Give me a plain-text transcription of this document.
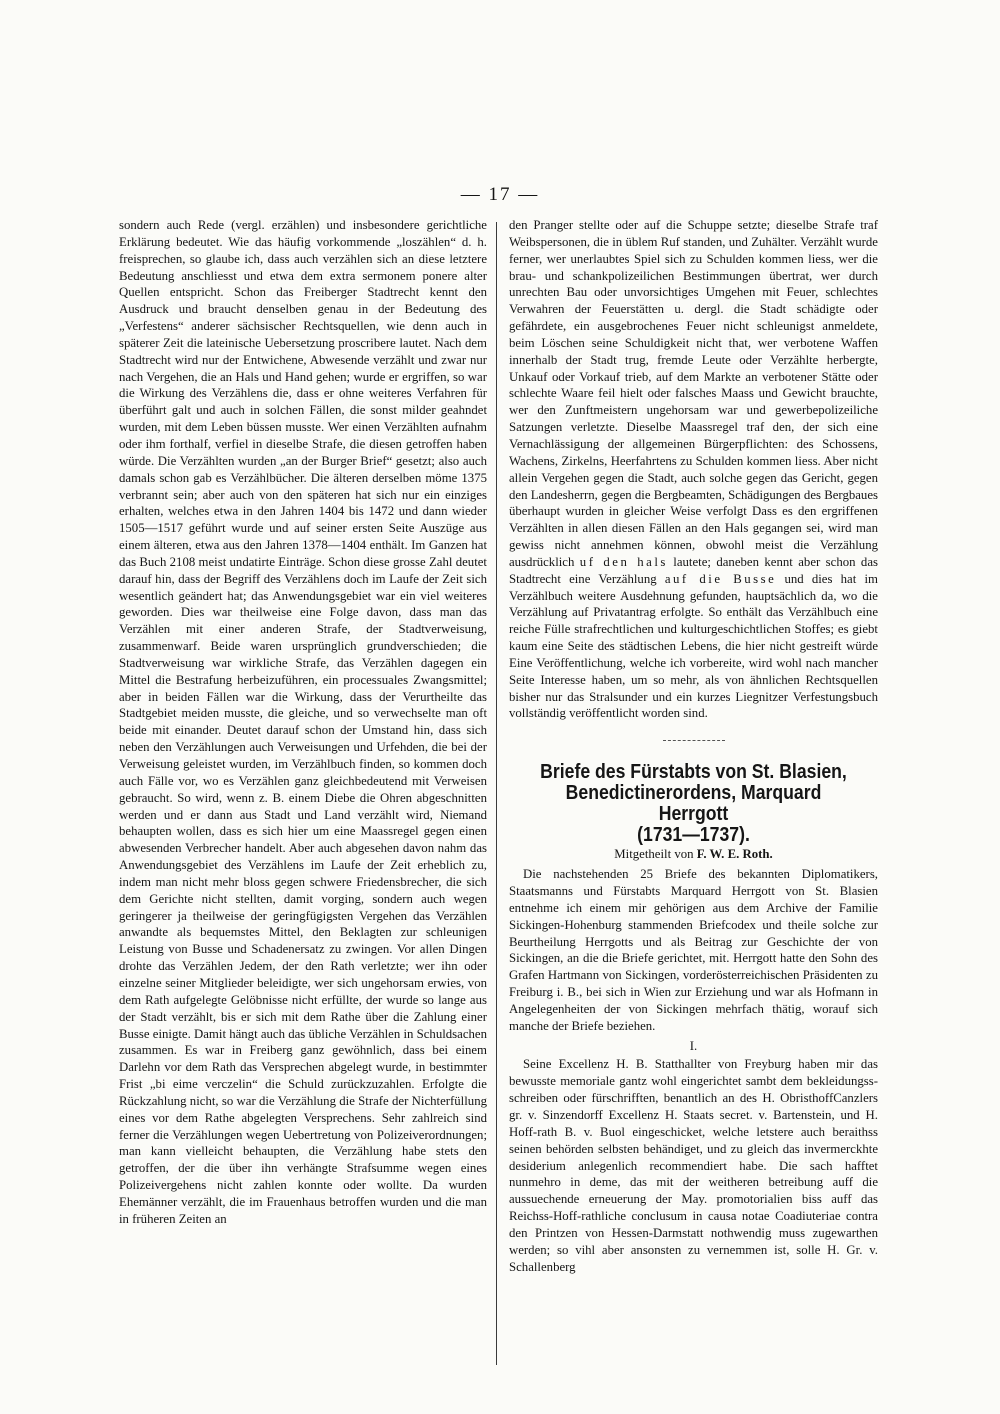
— 17 —

sondern auch Rede (vergl. erzählen) und insbesondere gerichtliche Erklärung bedeutet. Wie das häufig vorkommende „loszählen“ d. h. freisprechen, so glaube ich, dass auch verzählen sich an diese letztere Bedeutung anschliesst und etwa dem extra sermonem ponere alter Quellen entspricht. Schon das Freiberger Stadtrecht kennt den Ausdruck und braucht denselben genau in der Bedeutung des „Verfestens“ anderer sächsischer Rechtsquellen, wie denn auch in späterer Zeit die lateinische Uebersetzung proscribere lautet. Nach dem Stadtrecht wird nur der Entwichene, Abwesende verzählt und zwar nur nach Vergehen, die an Hals und Hand gehen; wurde er ergriffen, so war die Wirkung des Verzählens die, dass er ohne weiteres Verfahren für überführt galt und auch in solchen Fällen, die sonst milder geahndet wurden, mit dem Leben büssen musste. Wer einen Verzählten aufnahm oder ihm forthalf, verfiel in dieselbe Strafe, die diesen getroffen haben würde. Die Verzählten wurden „an der Burger Brief“ gesetzt; also auch damals schon gab es Verzählbücher. Die älteren derselben möme 1375 verbrannt sein; aber auch von den späteren hat sich nur ein einziges erhalten, welches etwa in den Jahren 1404 bis 1472 und dann wieder 1505—1517 geführt wurde und auf seiner ersten Seite Auszüge aus einem älteren, etwa aus den Jahren 1378—1404 enthält. Im Ganzen hat das Buch 2108 meist undatirte Einträge. Schon diese grosse Zahl deutet darauf hin, dass der Begriff des Verzählens doch im Laufe der Zeit sich wesentlich geändert hat; das Anwendungsgebiet war ein viel weiteres geworden. Dies war theilweise eine Folge davon, dass man das Verzählen mit einer anderen Strafe, der Stadtverweisung, zusammenwarf. Beide waren ursprünglich grundverschieden; die Stadtverweisung war wirkliche Strafe, das Verzählen dagegen ein Mittel die Bestrafung herbeizuführen, ein processuales Zwangsmittel; aber in beiden Fällen war die Wirkung, dass der Verurtheilte das Stadtgebiet meiden musste, die gleiche, und so verwechselte man oft beide mit einander. Deutet darauf schon der Umstand hin, dass sich neben den Verzählungen auch Verweisungen und Urfehden, die bei der Verweisung geleistet wurden, im Verzählbuch finden, so kommen doch auch Fälle vor, wo es Verzählen ganz gleichbedeutend mit Verweisen gebraucht. So wird, wenn z. B. einem Diebe die Ohren abgeschnitten werden und er dann aus Stadt und Land verzählt wird, Niemand behaupten wollen, dass es sich hier um eine Maassregel gegen einen abwesenden Verbrecher handelt. Aber auch abgesehen davon nahm das Anwendungsgebiet des Verzählens im Laufe der Zeit erheblich zu, indem man nicht mehr bloss gegen schwere Friedensbrecher, die sich dem Gerichte nicht stellten, damit vorging, sondern auch wegen geringerer ja theilweise der geringfügigsten Vergehen das Verzählen anwandte als bequemstes Mittel, den Beklagten zur schleunigen Leistung von Busse und Schadenersatz zu zwingen. Vor allen Dingen drohte das Verzählen Jedem, der den Rath verletzte; wer ihn oder einzelne seiner Mitglieder beleidigte, wer sich ungehorsam erwies, von dem Rath aufgelegte Gelöbnisse nicht erfüllte, der wurde so lange aus der Stadt verzählt, bis er sich mit dem Rathe über die Zahlung einer Busse einigte. Damit hängt auch das übliche Verzählen in Schuldsachen zusammen. Es war in Freiberg ganz gewöhnlich, dass bei einem Darlehn vor dem Rath das Versprechen abgelegt wurde, in bestimmter Frist „bi eime verczelin“ die Schuld zurückzuzahlen. Erfolgte die Rückzahlung nicht, so war die Verzählung die Strafe der Nichterfüllung eines vor dem Rathe abgelegten Versprechens. Sehr zahlreich sind ferner die Verzählungen wegen Uebertretung von Polizeiverordnungen; man kann vielleicht behaupten, die Verzählung habe stets den getroffen, der die über ihn verhängte Strafsumme wegen eines Polizeivergehens nicht zahlen konnte oder wollte. Da wurden Ehemänner verzählt, die im Frauenhaus betroffen wurden und die man in früheren Zeiten an

den Pranger stellte oder auf die Schuppe setzte; dieselbe Strafe traf Weibspersonen, die in üblem Ruf standen, und Zuhälter. Verzählt wurde ferner, wer unerlaubtes Spiel sich zu Schulden kommen liess, wer die brau- und schankpolizeilichen Bestimmungen übertrat, wer durch unrechten Bau oder unvorsichtiges Umgehen mit Feuer, schlechtes Verwahren der Feuerstätten u. dergl. die Stadt schädigte oder gefährdete, ein ausgebrochenes Feuer nicht schleunigst anmeldete, beim Löschen seine Schuldigkeit nicht that, wer verbotene Waffen innerhalb der Stadt trug, fremde Leute oder Verzählte herbergte, Unkauf oder Vorkauf trieb, auf dem Markte an verbotener Stätte oder schlechte Waare feil hielt oder falsches Maass und Gewicht brauchte, wer den Zunftmeistern ungehorsam war und gewerbepolizeiliche Satzungen verletzte. Dieselbe Maassregel traf den, der sich eine Vernachlässigung der allgemeinen Bürgerpflichten: des Schossens, Wachens, Zirkelns, Heerfahrtens zu Schulden kommen liess. Aber nicht allein Vergehen gegen die Stadt, auch solche gegen das Gericht, gegen den Landesherrn, gegen die Bergbeamten, Schädigungen des Bergbaues überhaupt wurden in gleicher Weise verfolgt Dass es den ergriffenen Verzählten in allen diesen Fällen an den Hals gegangen sei, wird man gewiss nicht annehmen können, obwohl meist die Verzählung ausdrücklich uf den hals lautete; daneben kennt aber schon das Stadtrecht eine Verzählung auf die Busse und dies hat im Verzählbuch weitere Ausdehnung gefunden, hauptsächlich da, wo die Verzählung auf Privatantrag erfolgte. So enthält das Verzählbuch eine reiche Fülle strafrechtlichen und kulturgeschichtlichen Stoffes; es giebt kaum eine Seite des städtischen Lebens, die hier nicht gestreift würde Eine Veröffentlichung, welche ich vorbereite, wird wohl nach mancher Seite Interesse haben, um so mehr, als von ähnlichen Rechtsquellen bisher nur das Stralsunder und ein kurzes Liegnitzer Verfestungsbuch vollständig veröffentlicht worden sind.

Briefe des Fürstabts von St. Blasien,
Benedictinerordens, Marquard Herrgott
(1731—1737).
Mitgetheilt von F. W. E. Roth.

Die nachstehenden 25 Briefe des bekannten Diplomatikers, Staatsmanns und Fürstabts Marquard Herrgott von St. Blasien entnehme ich einem mir gehörigen aus dem Archive der Familie Sickingen-Hohenburg stammenden Briefcodex und theile solche zur Beurtheilung Herrgotts und als Beitrag zur Geschichte der von Sickingen, an die die Briefe gerichtet, mit. Herrgott hatte den Sohn des Grafen Hartmann von Sickingen, vorderösterreichischen Präsidenten zu Freiburg i. B., bei sich in Wien zur Erziehung und war als Hofmann in Angelegenheiten der von Sickingen mehrfach thätig, worauf sich manche der Briefe beziehen.

I.

Seine Excellenz H. B. Statthallter von Freyburg haben mir das bewusste memoriale gantz wohl eingerichtet sambt dem bekleidungss-schreiben oder fürschrifften, benantlich an des H. ObristhoffCanzlers gr. v. Sinzendorff Excellenz H. Staats secret. v. Bartenstein, und H. Hoff-rath B. v. Buol eingeschicket, welche letstere auch beraithss seinen behörden selbsten behändiget, und zu gleich das invermerckhte desiderium anlegenlich recommendiert habe. Die sach hafftet nunmehro in deme, das mit der weitheren betreibung auff die aussuechende erneuerung der May. promotorialien biss auff das Reichss-Hoff-rathliche conclusum in causa notae Coadiuteriae contra den Printzen von Hessen-Darmstatt nothwendig muss zugewarthen werden; so vihl aber ansonsten zu vernemmen ist, solle H. Gr. v. Schallenberg
